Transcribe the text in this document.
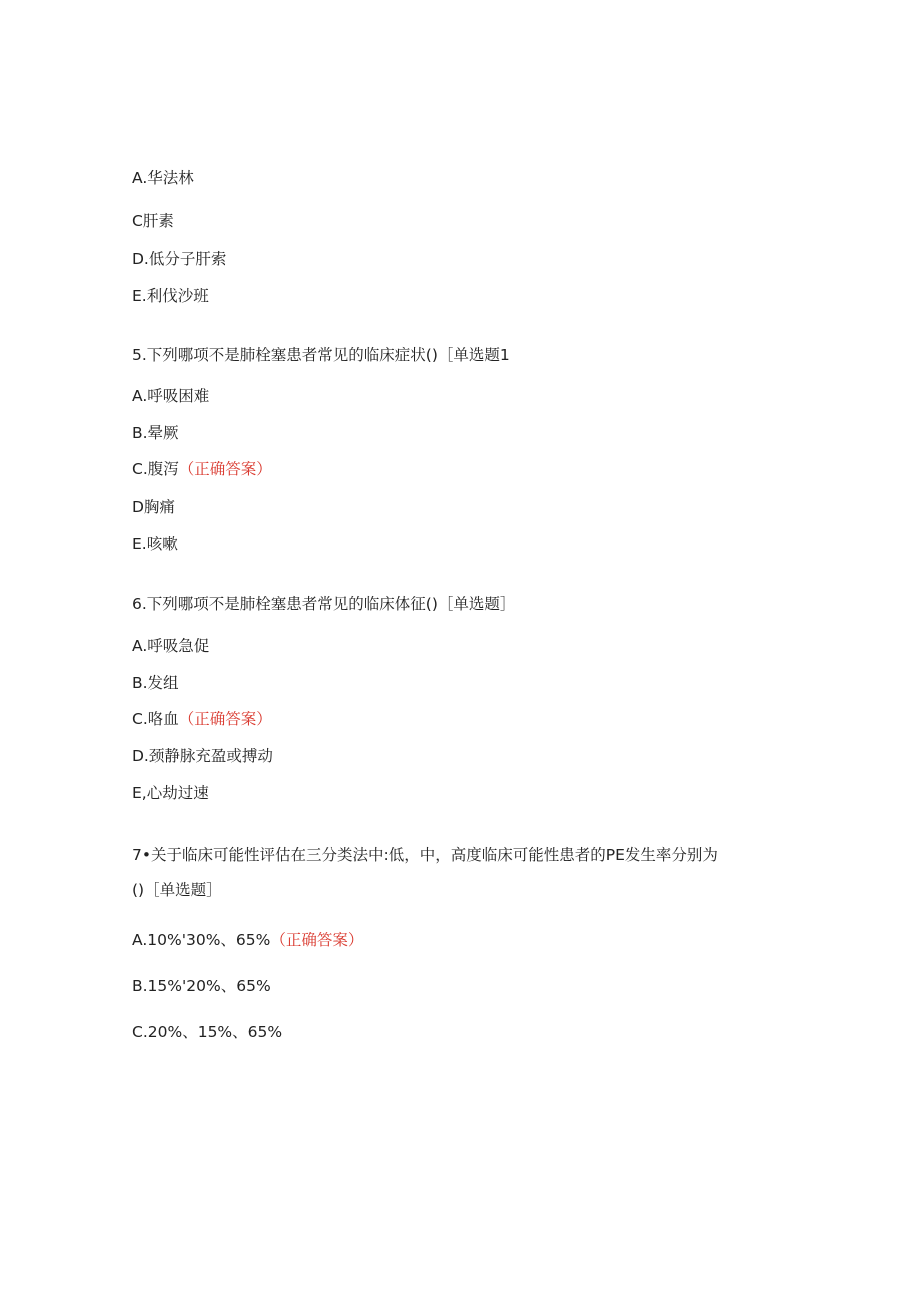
A.华法林
C肝素
D.低分子肝索
E.利伐沙班
5.下列哪项不是肺栓塞患者常见的临床症状()［单选题1
A.呼吸困难
B.晕厥
C.腹泻（正确答案）
D胸痛
E.咳嗽
6.下列哪项不是肺栓塞患者常见的临床体征()［单选题］
A.呼吸急促
B.发组
C.咯血（正确答案）
D.颈静脉充盈或搏动
E,心劫过速
7•关于临床可能性评估在三分类法中:低，中，高度临床可能性患者的PE发生率分别为
()［单选题］
A.10%'30%、65%（正确答案）
B.15%'20%、65%
C.20%、15%、65%
